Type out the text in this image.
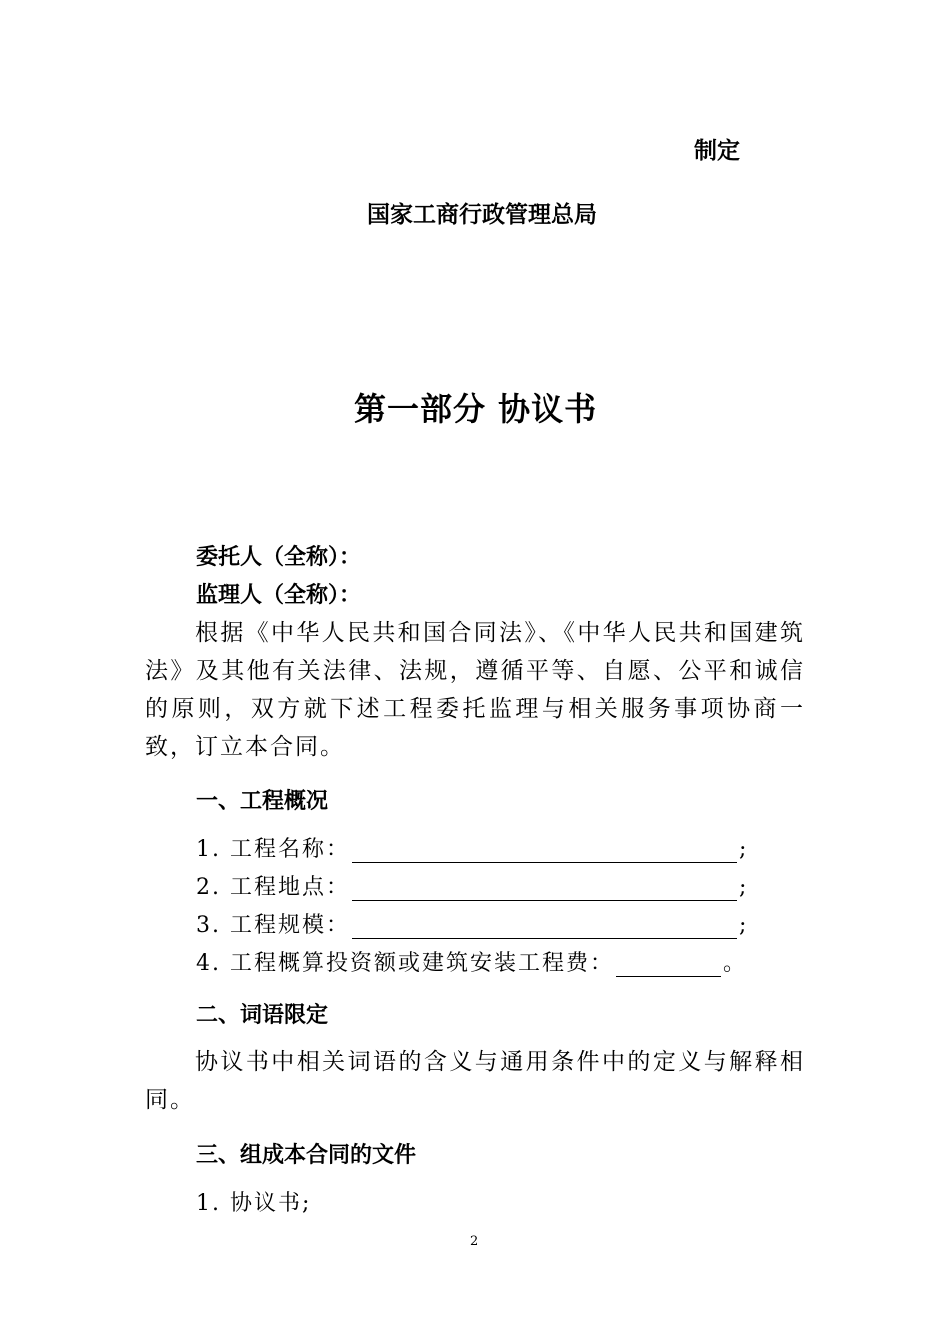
制定
国家工商行政管理总局
第一部分 协议书
委托人（全称）：
监理人（全称）：
根据《中华人民共和国合同法》、《中华人民共和国建筑法》及其他有关法律、法规，遵循平等、自愿、公平和诚信的原则，双方就下述工程委托监理与相关服务事项协商一致，订立本合同。
一、工程概况
1. 工程名称：	;
2. 工程地点：	;
3. 工程规模：	;
4. 工程概算投资额或建筑安装工程费：	。
二、词语限定
协议书中相关词语的含义与通用条件中的定义与解释相同。
三、组成本合同的文件
1. 协议书;
2
